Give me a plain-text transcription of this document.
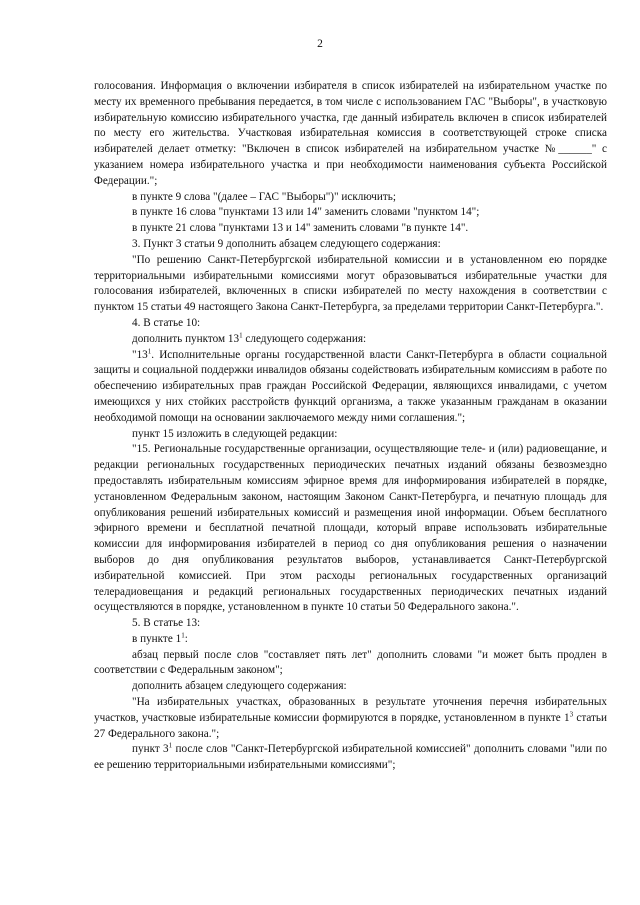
2

голосования. Информация о включении избирателя в список избирателей на избирательном участке по месту их временного пребывания передается, в том числе с использованием ГАС "Выборы", в участковую избирательную комиссию избирательного участка, где данный избиратель включен в список избирателей по месту его жительства. Участковая избирательная комиссия в соответствующей строке списка избирателей делает отметку: "Включен в список избирателей на избирательном участке №______" с указанием номера избирательного участка и при необходимости наименования субъекта Российской Федерации.";

в пункте 9 слова "(далее – ГАС "Выборы")" исключить;

в пункте 16 слова "пунктами 13 или 14" заменить словами "пунктом 14";

в пункте 21 слова "пунктами 13 и 14" заменить словами "в пункте 14".

3. Пункт 3 статьи 9 дополнить абзацем следующего содержания:

"По решению Санкт-Петербургской избирательной комиссии и в установленном ею порядке территориальными избирательными комиссиями могут образовываться избирательные участки для голосования избирателей, включенных в списки избирателей по месту нахождения в соответствии с пунктом 15 статьи 49 настоящего Закона Санкт-Петербурга, за пределами территории Санкт-Петербурга.".

4. В статье 10:

дополнить пунктом $13^1$ следующего содержания:

"$13^1$. Исполнительные органы государственной власти Санкт-Петербурга в области социальной защиты и социальной поддержки инвалидов обязаны содействовать избирательным комиссиям в работе по обеспечению избирательных прав граждан Российской Федерации, являющихся инвалидами, с учетом имеющихся у них стойких расстройств функций организма, а также указанным гражданам в оказании необходимой помощи на основании заключаемого между ними соглашения.";

пункт 15 изложить в следующей редакции:

"15. Региональные государственные организации, осуществляющие теле- и (или) радиовещание, и редакции региональных государственных периодических печатных изданий обязаны безвозмездно предоставлять избирательным комиссиям эфирное время для информирования избирателей в порядке, установленном Федеральным законом, настоящим Законом Санкт-Петербурга, и печатную площадь для опубликования решений избирательных комиссий и размещения иной информации. Объем бесплатного эфирного времени и бесплатной печатной площади, который вправе использовать избирательные комиссии для информирования избирателей в период со дня опубликования решения о назначении выборов до дня опубликования результатов выборов, устанавливается Санкт-Петербургской избирательной комиссией. При этом расходы региональных государственных организаций телерадиовещания и редакций региональных государственных периодических печатных изданий осуществляются в порядке, установленном в пункте 10 статьи 50 Федерального закона.".

5. В статье 13:

в пункте $1^1$:

абзац первый после слов "составляет пять лет" дополнить словами "и может быть продлен в соответствии с Федеральным законом";

дополнить абзацем следующего содержания:

"На избирательных участках, образованных в результате уточнения перечня избирательных участков, участковые избирательные комиссии формируются в порядке, установленном в пункте $1^3$ статьи 27 Федерального закона.";

пункт $3^1$ после слов "Санкт-Петербургской избирательной комиссией" дополнить словами "или по ее решению территориальными избирательными комиссиями";
